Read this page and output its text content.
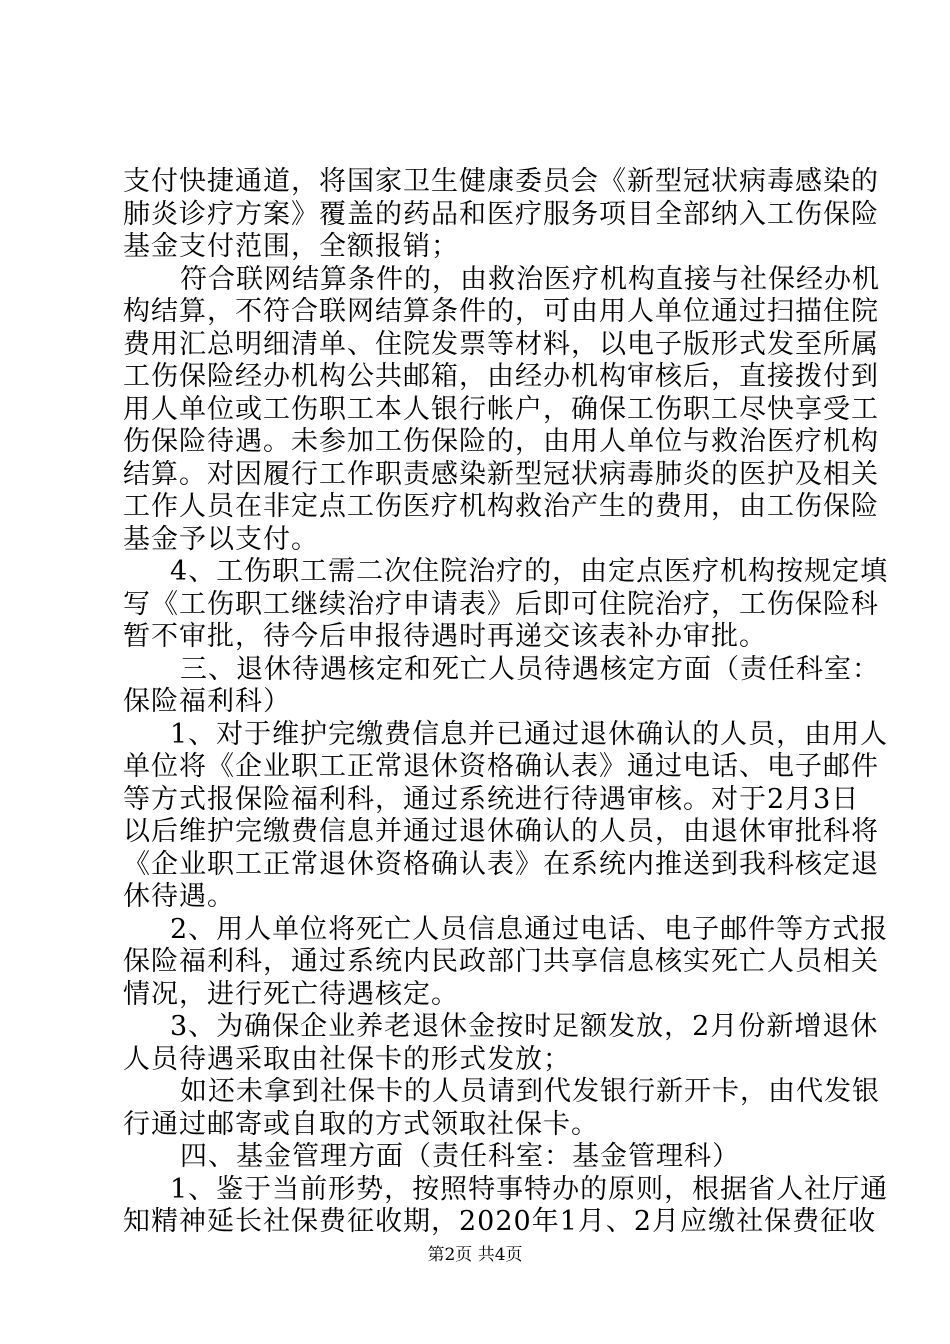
支付快捷通道，将国家卫生健康委员会《新型冠状病毒感染的
肺炎诊疗方案》覆盖的药品和医疗服务项目全部纳入工伤保险
基金支付范围，全额报销；
符合联网结算条件的，由救治医疗机构直接与社保经办机
构结算，不符合联网结算条件的，可由用人单位通过扫描住院
费用汇总明细清单、住院发票等材料，以电子版形式发至所属
工伤保险经办机构公共邮箱，由经办机构审核后，直接拨付到
用人单位或工伤职工本人银行帐户，确保工伤职工尽快享受工
伤保险待遇。未参加工伤保险的，由用人单位与救治医疗机构
结算。对因履行工作职责感染新型冠状病毒肺炎的医护及相关
工作人员在非定点工伤医疗机构救治产生的费用，由工伤保险
基金予以支付。
4、工伤职工需二次住院治疗的，由定点医疗机构按规定填
写《工伤职工继续治疗申请表》后即可住院治疗，工伤保险科
暂不审批，待今后申报待遇时再递交该表补办审批。
三、退休待遇核定和死亡人员待遇核定方面（责任科室：
保险福利科）
1、对于维护完缴费信息并已通过退休确认的人员，由用人
单位将《企业职工正常退休资格确认表》通过电话、电子邮件
等方式报保险福利科，通过系统进行待遇审核。对于2月3日
以后维护完缴费信息并通过退休确认的人员，由退休审批科将
《企业职工正常退休资格确认表》在系统内推送到我科核定退
休待遇。
2、用人单位将死亡人员信息通过电话、电子邮件等方式报
保险福利科，通过系统内民政部门共享信息核实死亡人员相关
情况，进行死亡待遇核定。
3、为确保企业养老退休金按时足额发放，2月份新增退休
人员待遇采取由社保卡的形式发放；
如还未拿到社保卡的人员请到代发银行新开卡，由代发银
行通过邮寄或自取的方式领取社保卡。
四、基金管理方面（责任科室：基金管理科）
1、鉴于当前形势，按照特事特办的原则，根据省人社厅通
知精神延长社保费征收期，2020年1月、2月应缴社保费征收
第2页 共4页
